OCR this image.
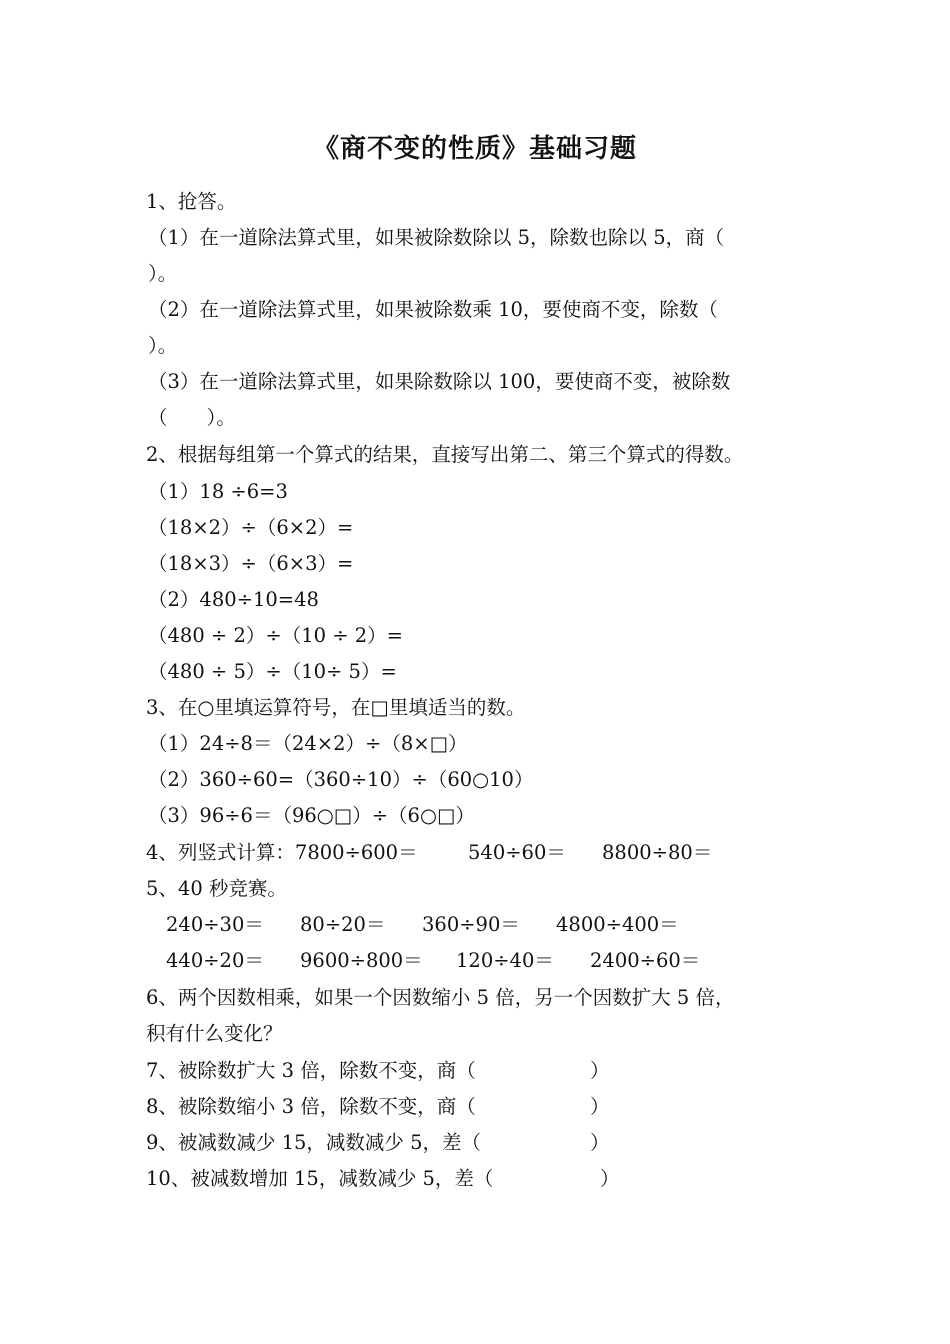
《商不变的性质》基础习题
1、抢答。
（1）在一道除法算式里，如果被除数除以 5，除数也除以 5，商（
）。
（2）在一道除法算式里，如果被除数乘 10，要使商不变，除数（
）。
（3）在一道除法算式里，如果除数除以 100，要使商不变，被除数
（　　）。
2、根据每组第一个算式的结果，直接写出第二、第三个算式的得数。
（1）18 ÷6=3
（18×2）÷（6×2）=
（18×3）÷（6×3）=
（2）480÷10=48
（480 ÷ 2）÷（10 ÷ 2）=
（480 ÷ 5）÷（10÷ 5）=
3、在○里填运算符号，在□里填适当的数。
（1）24÷8＝（24×2）÷（8×□）
（2）360÷60=（360÷10）÷（60○10）
（3）96÷6＝（96○□）÷（6○□）
4、列竖式计算：7800÷600＝	540÷60＝ 8800÷80＝
5、40 秒竞赛。
240÷30＝ 80÷20＝ 360÷90＝ 4800÷400＝
440÷20＝ 9600÷800＝ 120÷40＝ 2400÷60＝
6、两个因数相乘，如果一个因数缩小 5 倍，另一个因数扩大 5 倍，
积有什么变化？
7、被除数扩大 3 倍，除数不变，商（	）
8、被除数缩小 3 倍，除数不变，商（	）
9、被减数减少 15，减数减少 5，差（	）
10、被减数增加 15，减数减少 5，差（	）
